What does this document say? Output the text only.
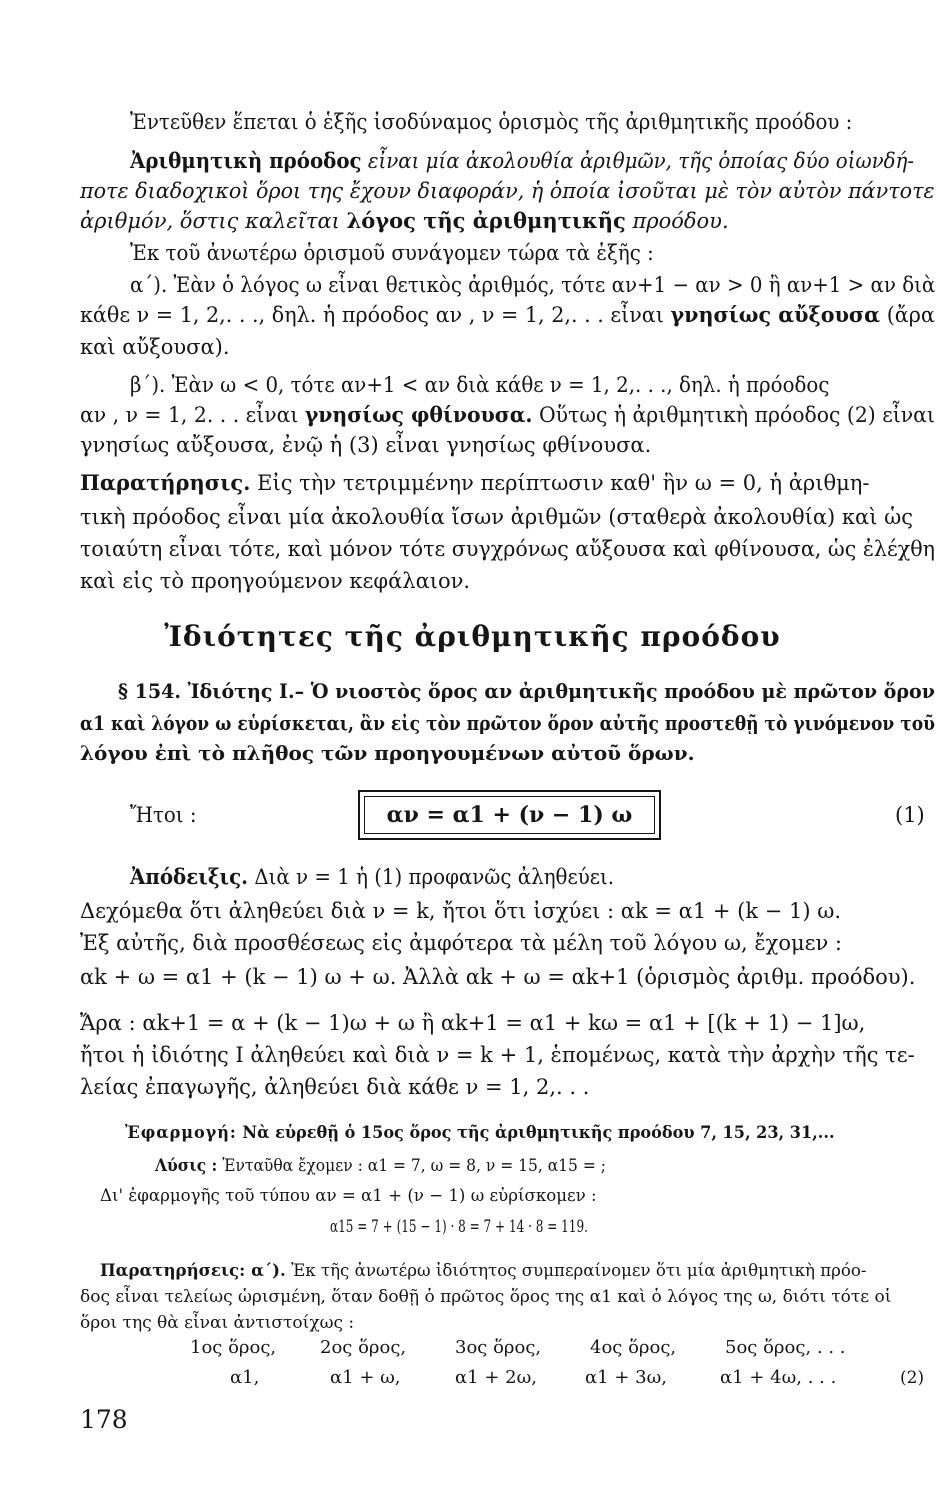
Ἐντεῦθεν ἕπεται ὁ ἑξῆς ἰσοδύναμος ὁρισμὸς τῆς ἀριθμητικῆς προόδου :
Ἀριθμητικὴ πρόοδος εἶναι μία ἀκολουθία ἀριθμῶν, τῆς ὁποίας δύο οἱωνδή-
ποτε διαδοχικοὶ ὅροι της ἔχουν διαφοράν, ἡ ὁποία ἰσοῦται μὲ τὸν αὐτὸν πάντοτε
ἀριθμόν, ὅστις καλεῖται λόγος τῆς ἀριθμητικῆς προόδου.
Ἐκ τοῦ ἀνωτέρω ὁρισμοῦ συνάγομεν τώρα τὰ ἑξῆς :
α΄). Ἐὰν ὁ λόγος ω εἶναι θετικὸς ἀριθμός, τότε αν+1 − αν > 0 ἢ αν+1 > αν διὰ
κάθε ν = 1, 2,. . ., δηλ. ἡ πρόοδος αν , ν = 1, 2,. . . εἶναι γνησίως αὔξουσα (ἄρα
καὶ αὔξουσα).
β΄). Ἐὰν ω < 0, τότε αν+1 < αν διὰ κάθε ν = 1, 2,. . ., δηλ. ἡ πρόοδος
αν , ν = 1, 2. . . εἶναι γνησίως φθίνουσα. Οὕτως ἡ ἀριθμητικὴ πρόοδος (2) εἶναι
γνησίως αὔξουσα, ἐνῷ ἡ (3) εἶναι γνησίως φθίνουσα.
Παρατήρησις. Εἰς τὴν τετριμμένην περίπτωσιν καθ' ἣν ω = 0, ἡ ἀριθμη-
τικὴ πρόοδος εἶναι μία ἀκολουθία ἴσων ἀριθμῶν (σταθερὰ ἀκολουθία) καὶ ὡς
τοιαύτη εἶναι τότε, καὶ μόνον τότε συγχρόνως αὔξουσα καὶ φθίνουσα, ὡς ἐλέχθη
καὶ εἰς τὸ προηγούμενον κεφάλαιον.
Ἰδιότητες τῆς ἀριθμητικῆς προόδου
§ 154. Ἰδιότης Ι.– Ὁ νιοστὸς ὅρος αν ἀριθμητικῆς προόδου μὲ πρῶτον ὅρον
α1 καὶ λόγον ω εὑρίσκεται, ἂν εἰς τὸν πρῶτον ὅρον αὐτῆς προστεθῇ τὸ γινόμενον τοῦ
λόγου ἐπὶ τὸ πλῆθος τῶν προηγουμένων αὐτοῦ ὅρων.
Ἤτοι :	αν = α1 + (ν − 1) ω	(1)
Ἀπόδειξις. Διὰ ν = 1 ἡ (1) προφανῶς ἀληθεύει.
Δεχόμεθα ὅτι ἀληθεύει διὰ ν = k, ἤτοι ὅτι ἰσχύει : αk = α1 + (k − 1) ω.
Ἐξ αὐτῆς, διὰ προσθέσεως εἰς ἀμφότερα τὰ μέλη τοῦ λόγου ω, ἔχομεν :
αk + ω = α1 + (k − 1) ω + ω. Ἀλλὰ αk + ω = αk+1 (ὁρισμὸς ἀριθμ. προόδου).
Ἄρα : αk+1 = α + (k − 1)ω + ω ἢ αk+1 = α1 + kω = α1 + [(k + 1) − 1]ω,
ἤτοι ἡ ἰδιότης Ι ἀληθεύει καὶ διὰ ν = k + 1, ἑπομένως, κατὰ τὴν ἀρχὴν τῆς τε-
λείας ἐπαγωγῆς, ἀληθεύει διὰ κάθε ν = 1, 2,. . .
Ἐφαρμογή: Νὰ εὑρεθῇ ὁ 15ος ὅρος τῆς ἀριθμητικῆς προόδου 7, 15, 23, 31,...
Λύσις : Ἐνταῦθα ἔχομεν : α1 = 7, ω = 8, ν = 15, α15 = ;
Δι' ἐφαρμογῆς τοῦ τύπου αν = α1 + (ν − 1) ω εὑρίσκομεν :
α15 = 7 + (15 − 1) · 8 = 7 + 14 · 8 = 119.
Παρατηρήσεις: α΄). Ἐκ τῆς ἀνωτέρω ἰδιότητος συμπεραίνομεν ὅτι μία ἀριθμητικὴ πρόο-
δος εἶναι τελείως ὡρισμένη, ὅταν δοθῇ ὁ πρῶτος ὅρος της α1 καὶ ὁ λόγος της ω, διότι τότε οἱ
ὅροι της θὰ εἶναι ἀντιστοίχως :
1ος ὅρος, 2ος ὅρος,	3ος ὅρος,	4ος ὅρος,	5ος ὅρος, . . .
α1,	α1 + ω,	α1 + 2ω,	α1 + 3ω,	α1 + 4ω, . . .	(2)
178
